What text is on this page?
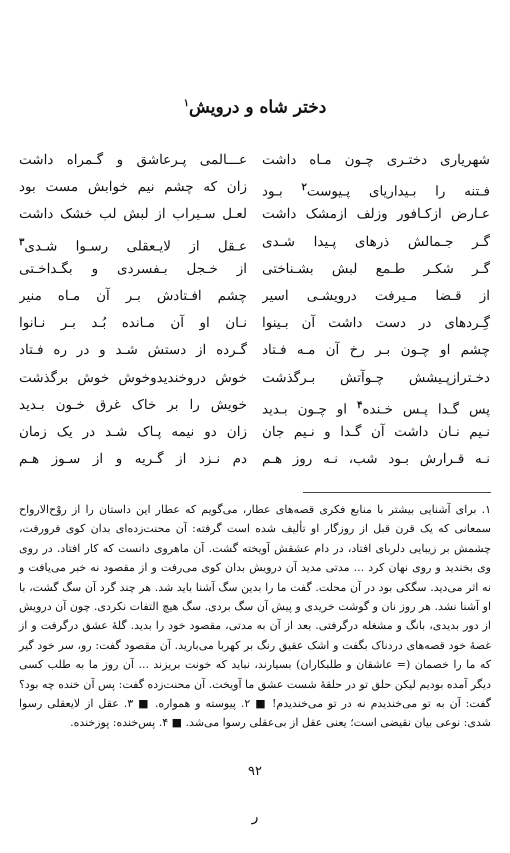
دختر شاه و درویش$^۱$
شهریاری دختـری چـون مـاه داشت
فـتنه را بـیداریای پـیوست$^۲$ بـود
عـارض ازکـافور وزلف ازمشک داشت
گـر جـمالش ذرهای پـیدا شـدی
گـر شکـر طـمع لبش بشـناختی
از قـضا مـیرفت درویشـی اسیر
گِـردهای در دست داشت آن بـینوا
چشم او چـون بـر رخ آن مـه فـتاد
دخـترازپـیشش چـوآتش بـرگذشت
پس گـدا پـس خـنده$^۴$ او چـون بـدید
نـیم نـان داشت آن گـدا و نـیم جان
نـه قـرارش بـود شب، نـه روز هـم
عـــالمی پـرعاشق و گـمراه داشت
زان که چشم نیم خوابش مست بود
لعـل سـیراب از لبش لب خشک داشت
عـقل از لایـعقلی رسـوا شـدی$^۳$
از خـجل بـفسردی و بگـداخـتی
چشم افـتادش بـر آن مـاه منیر
نـان او آن مـانده بُـد بـر نـانوا
گـرده از دستش شـد و در ره فـتاد
خوش دروخندیدوخوش خوش برگذشت
خویش را بر خاک غرق خـون بـدید
زان دو نیمه پـاک شـد در یک زمان
دم نـزد از گـریه و از سـوز هـم
۱. برای آشنایی بیشتر با منابع فکری قصه‌های عطار، می‌گویم که عطار این داستان را از روْح‌الارواح سمعانی که یک قرن قبل از روزگار او تألیف شده است گرفته: آن محنت‌زده‌ای بدان کوی فرورفت، چشمش بر زیبایی دلربای افتاد، در دام عشقش آویخته گشت. آن ماهروی دانست که کار افتاد. در روی وی بخندید و روی نهان کرد ... مدتی مدید آن درویش بدان کوی می‌رفت و از مقصود نه خبر می‌یافت و نه اثر می‌دید. سگکی بود در آن محلت. گفت ما را بدین سگ آشنا باید شد. هر چند گرد آن سگ گشت، با او آشنا نشد. هر روز نان و گوشت خریدی و پیش آن سگ بردی. سگ هیچ التفات نکردی. چون آن درویش از دور بدیدی، بانگ و مشغله درگرفتی. بعد از آن به مدتی، مقصود خود را بدید. گلهٔ عشق درگرفت و از غصهٔ خود قصه‌های دردناک بگفت و اشک عقیق رنگ بر کهربا می‌بارید. آن مقصود گفت: رو، سر خود گیر که ما را خصمان (= عاشقان و طلبکاران) بسیارند، نباید که خونت بریزند ... آن روز ما به طلب کسی دیگر آمده بودیم لیکن حلق تو در حلقهٔ شست عشق ما آویخت. آن محنت‌زده گفت: پس آن خنده چه بود؟ گفت: آن به تو می‌خندیدم نه در تو می‌خندیدم! ■ ۲. پیوسته و همواره. ■ ۳. عقل از لایعقلی رسوا شدی: نوعی بیان نقیضی است؛ یعنی عقل از بی‌عقلی رسوا می‌شد. ■ ۴. پس‌خنده: پوزخنده.
۹۲
ر
